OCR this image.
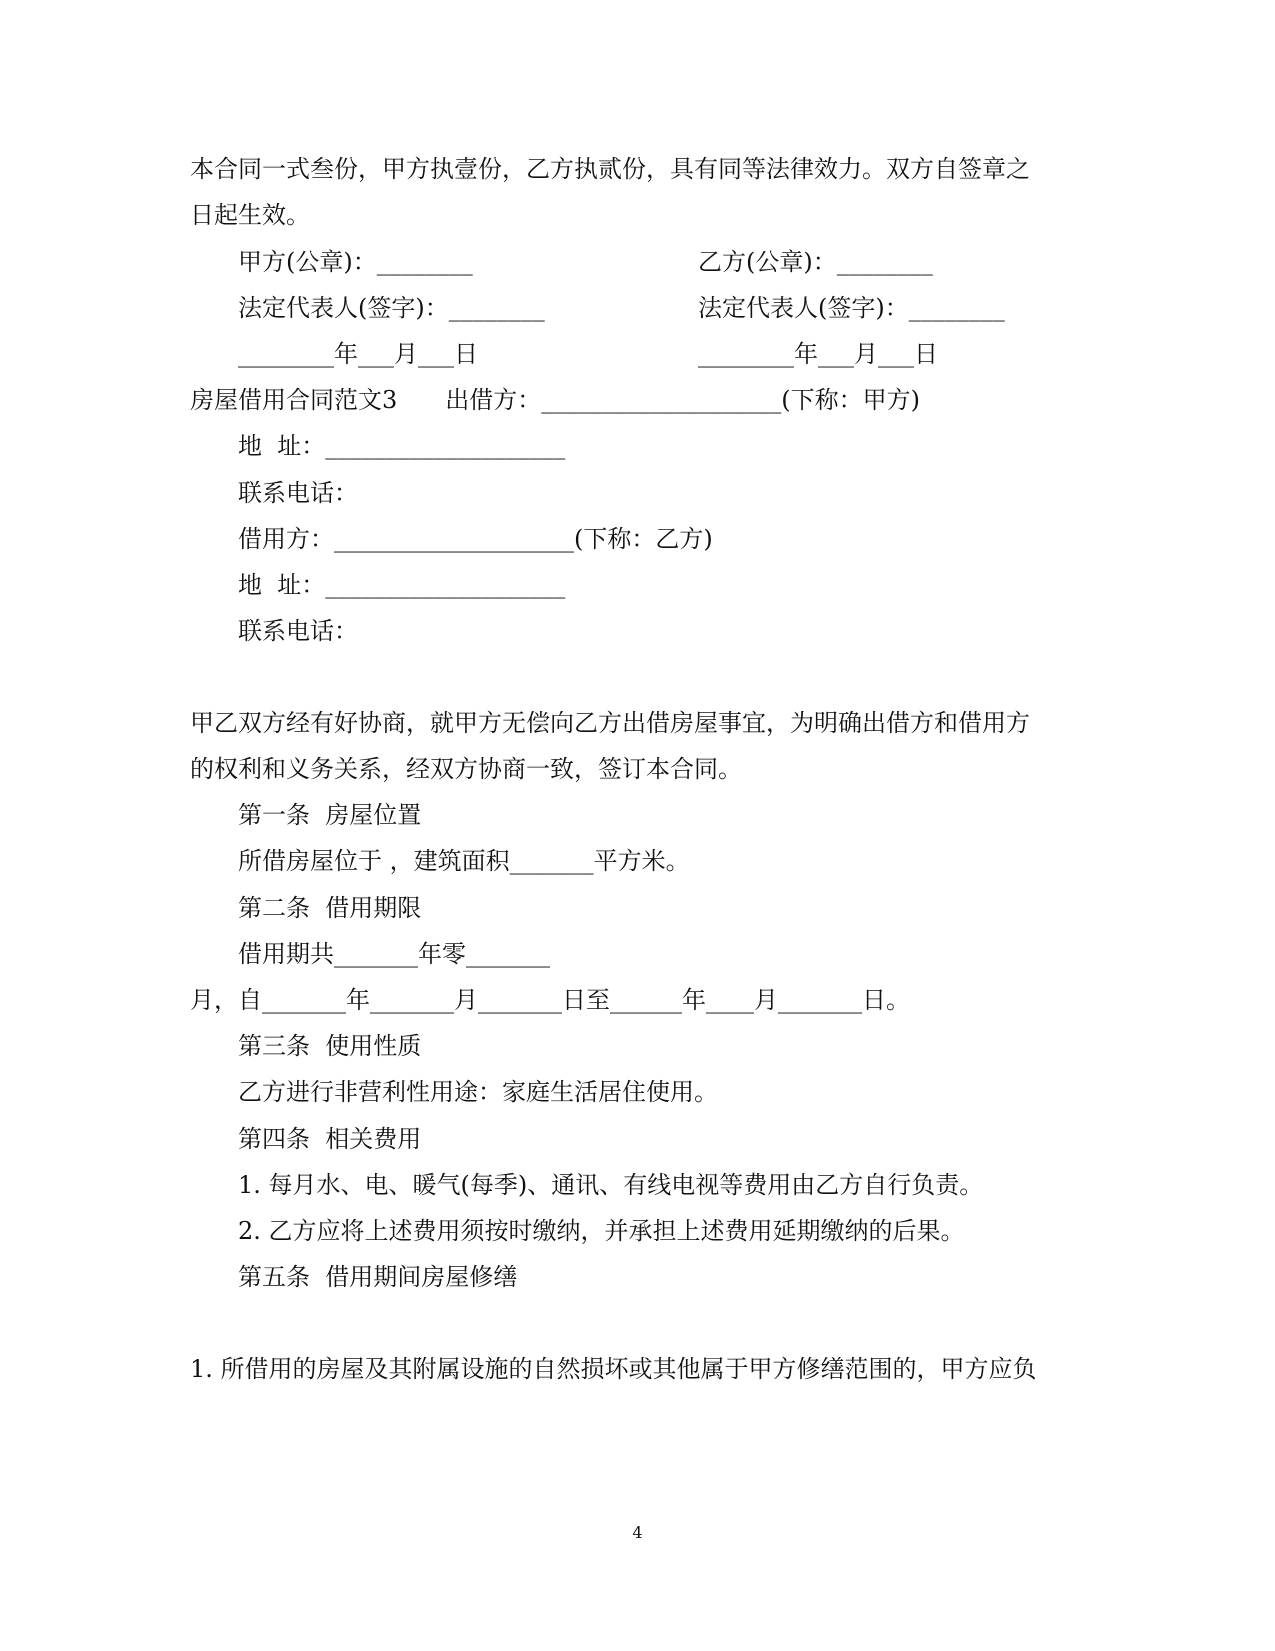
本合同一式叁份，甲方执壹份，乙方执贰份，具有同等法律效力。双方自签章之
日起生效。
甲方(公章)：________	乙方(公章)：________
法定代表人(签字)：________	法定代表人(签字)：________
________年___月___日	________年___月___日
房屋借用合同范文3　　出借方：____________________(下称：甲方)
地  址：____________________
联系电话：
借用方：____________________(下称：乙方)
地  址：____________________
联系电话：
甲乙双方经有好协商，就甲方无偿向乙方出借房屋事宜，为明确出借方和借用方
的权利和义务关系，经双方协商一致，签订本合同。
第一条  房屋位置
所借房屋位于 ，建筑面积_______平方米。
第二条  借用期限
借用期共_______年零_______
月，自_______年_______月_______日至______年____月_______日。
第三条  使用性质
乙方进行非营利性用途：家庭生活居住使用。
第四条  相关费用
1. 每月水、电、暖气(每季)、通讯、有线电视等费用由乙方自行负责。
2. 乙方应将上述费用须按时缴纳，并承担上述费用延期缴纳的后果。
第五条  借用期间房屋修缮
1. 所借用的房屋及其附属设施的自然损坏或其他属于甲方修缮范围的，甲方应负
4
